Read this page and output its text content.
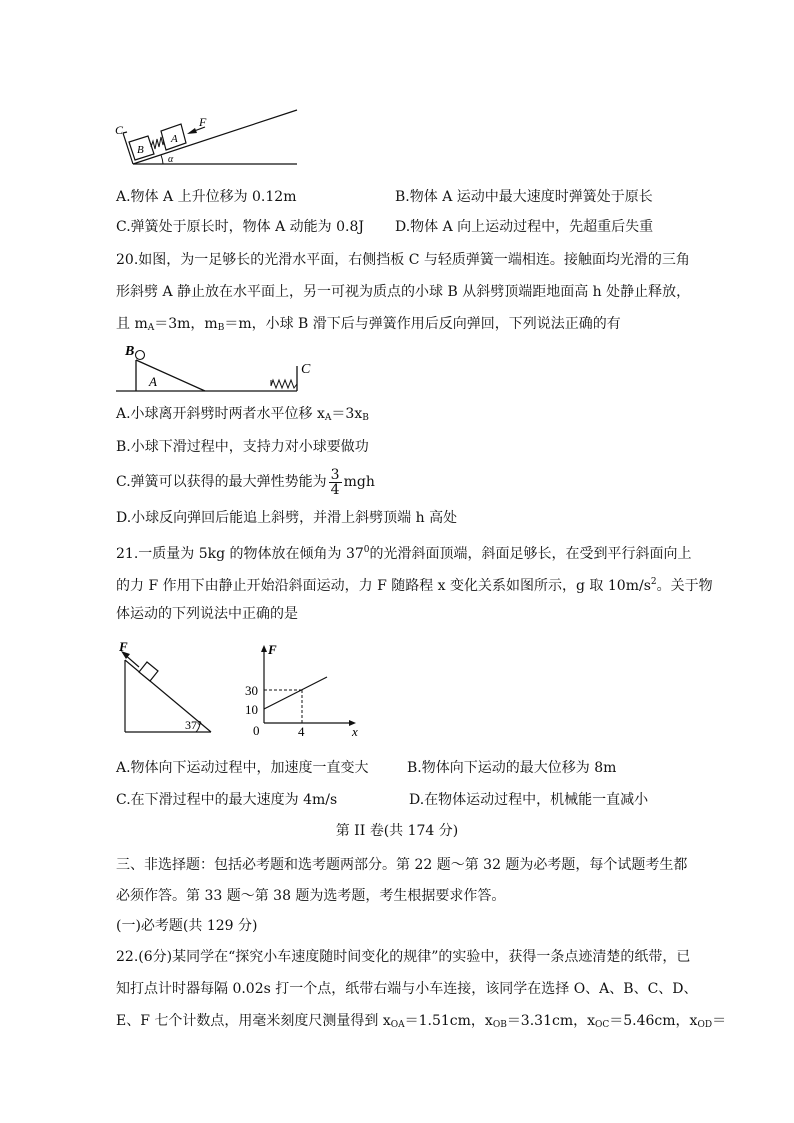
C
B
A
F
α
A.物体 A 上升位移为 0.12m	B.物体 A 运动中最大速度时弹簧处于原长
C.弹簧处于原长时，物体 A 动能为 0.8J D.物体 A 向上运动过程中，先超重后失重
20.如图，为一足够长的光滑水平面，右侧挡板 C 与轻质弹簧一端相连。接触面均光滑的三角
形斜劈 A 静止放在水平面上，另一可视为质点的小球 B 从斜劈顶端距地面高 h 处静止释放，
且 $m_A=3m$，$m_B=m$，小球 B 滑下后与弹簧作用后反向弹回，下列说法正确的有
B
A
C
A.小球离开斜劈时两者水平位移 $x_A=3x_B$
B.小球下滑过程中，支持力对小球要做功
C.弹簧可以获得的最大弹性势能为 $\frac{3}{4}$ mgh
D.小球反向弹回后能追上斜劈，并滑上斜劈顶端 h 高处
21.一质量为 5kg 的物体放在倾角为 $37^0$的光滑斜面顶端，斜面足够长，在受到平行斜面向上
的力 F 作用下由静止开始沿斜面运动，力 F 随路程 x 变化关系如图所示，g 取 $10m/s^2$。关于物
体运动的下列说法中正确的是
F
37°
F
x
0
10
30
4
A.物体向下运动过程中，加速度一直变大	B.物体向下运动的最大位移为 8m
C.在下滑过程中的最大速度为 4m/s	D.在物体运动过程中，机械能一直减小
第 II 卷(共 174 分)
三、非选择题：包括必考题和选考题两部分。第 22 题～第 32 题为必考题，每个试题考生都
必须作答。第 33 题～第 38 题为选考题，考生根据要求作答。
(一)必考题(共 129 分)
22.(6分)某同学在“探究小车速度随时间变化的规律”的实验中，获得一条点迹清楚的纸带，已
知打点计时器每隔 0.02s 打一个点，纸带右端与小车连接，该同学在选择 O、A、B、C、D、
E、F 七个计数点，用毫米刻度尺测量得到 $x_{OA}=1.51cm$，$x_{OB}=3.31cm$，$x_{OC}=5.46cm$，$x_{OD}=$
